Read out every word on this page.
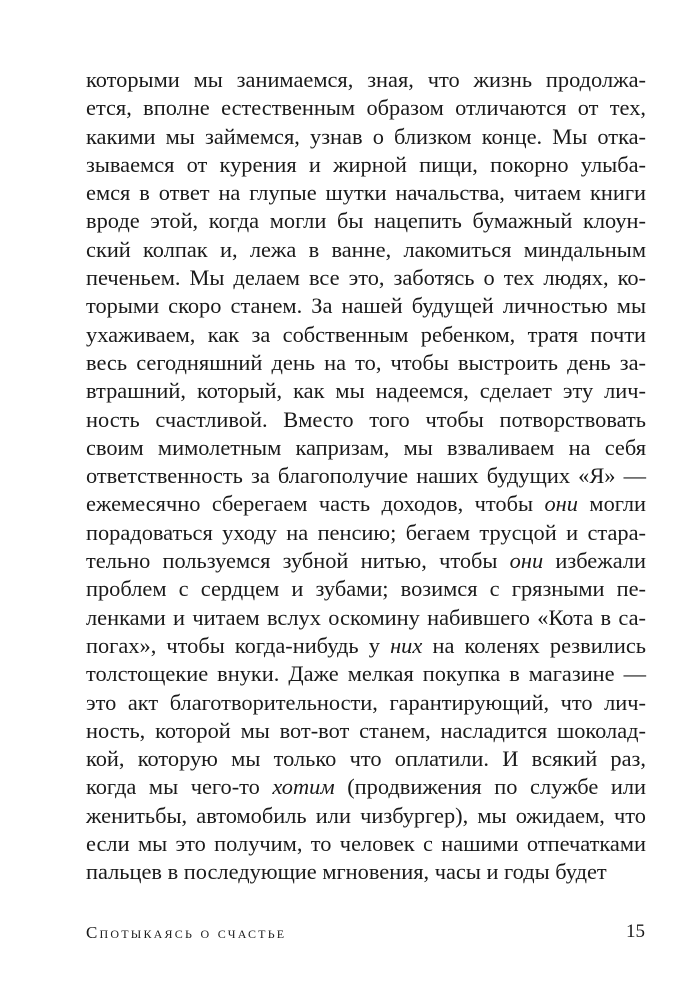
которыми мы занимаемся, зная, что жизнь продолжа-
ется, вполне естественным образом отличаются от тех,
какими мы займемся, узнав о близком конце. Мы отка-
зываемся от курения и жирной пищи, покорно улыба-
емся в ответ на глупые шутки начальства, читаем книги
вроде этой, когда могли бы нацепить бумажный клоун-
ский колпак и, лежа в ванне, лакомиться миндальным
печеньем. Мы делаем все это, заботясь о тех людях, ко-
торыми скоро станем. За нашей будущей личностью мы
ухаживаем, как за собственным ребенком, тратя почти
весь сегодняшний день на то, чтобы выстроить день за-
втрашний, который, как мы надеемся, сделает эту лич-
ность счастливой. Вместо того чтобы потворствовать
своим мимолетным капризам, мы взваливаем на себя
ответственность за благополучие наших будущих «Я» —
ежемесячно сберегаем часть доходов, чтобы они могли
порадоваться уходу на пенсию; бегаем трусцой и стара-
тельно пользуемся зубной нитью, чтобы они избежали
проблем с сердцем и зубами; возимся с грязными пе-
ленками и читаем вслух оскомину набившего «Кота в са-
погах», чтобы когда-нибудь у них на коленях резвились
толстощекие внуки. Даже мелкая покупка в магазине —
это акт благотворительности, гарантирующий, что лич-
ность, которой мы вот-вот станем, насладится шоколад-
кой, которую мы только что оплатили. И всякий раз,
когда мы чего-то хотим (продвижения по службе или
женитьбы, автомобиль или чизбургер), мы ожидаем, что
если мы это получим, то человек с нашими отпечатками
пальцев в последующие мгновения, часы и годы будет
Спотыкаясь о счастье	15
